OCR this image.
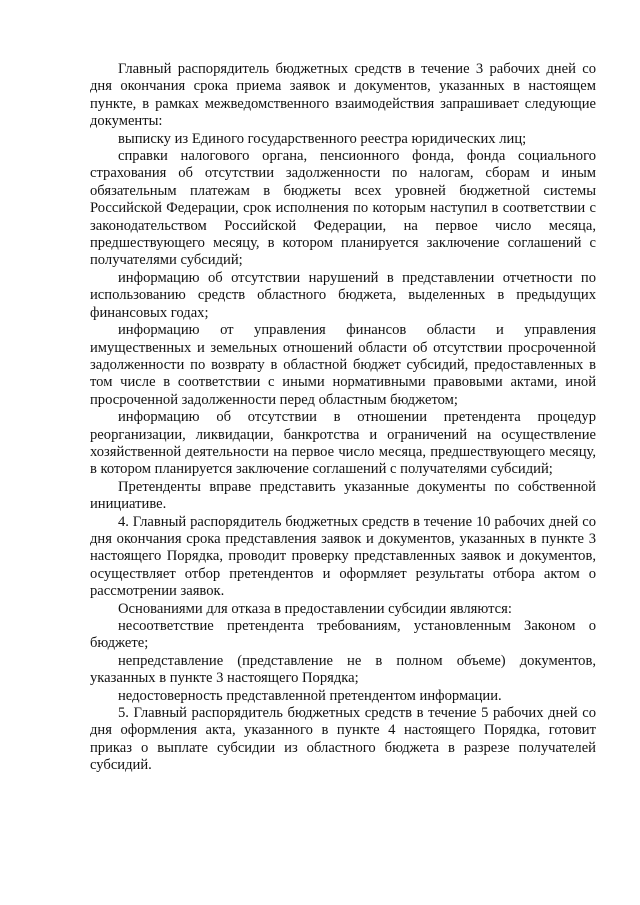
Главный распорядитель бюджетных средств в течение 3 рабочих дней со дня окончания срока приема заявок и документов, указанных в настоящем пункте, в рамках межведомственного взаимодействия запрашивает следующие документы:

выписку из Единого государственного реестра юридических лиц;

справки налогового органа, пенсионного фонда, фонда социального страхования об отсутствии задолженности по налогам, сборам и иным обязательным платежам в бюджеты всех уровней бюджетной системы Российской Федерации, срок исполнения по которым наступил в соответствии с законодательством Российской Федерации, на первое число месяца, предшествующего месяцу, в котором планируется заключение соглашений с получателями субсидий;

информацию об отсутствии нарушений в представлении отчетности по использованию средств областного бюджета, выделенных в предыдущих финансовых годах;

информацию от управления финансов области и управления имущественных и земельных отношений области об отсутствии просроченной задолженности по возврату в областной бюджет субсидий, предоставленных в том числе в соответствии с иными нормативными правовыми актами, иной просроченной задолженности перед областным бюджетом;

информацию об отсутствии в отношении претендента процедур реорганизации, ликвидации, банкротства и ограничений на осуществление хозяйственной деятельности на первое число месяца, предшествующего месяцу, в котором планируется заключение соглашений с получателями субсидий;

Претенденты вправе представить указанные документы по собственной инициативе.

4. Главный распорядитель бюджетных средств в течение 10 рабочих дней со дня окончания срока представления заявок и документов, указанных в пункте 3 настоящего Порядка, проводит проверку представленных заявок и документов, осуществляет отбор претендентов и оформляет результаты отбора актом о рассмотрении заявок.

Основаниями для отказа в предоставлении субсидии являются:

несоответствие претендента требованиям, установленным Законом о бюджете;

непредставление (представление не в полном объеме) документов, указанных в пункте 3 настоящего Порядка;

недостоверность представленной претендентом информации.

5. Главный распорядитель бюджетных средств в течение 5 рабочих дней со дня оформления акта, указанного в пункте 4 настоящего Порядка, готовит приказ о выплате субсидии из областного бюджета в разрезе получателей субсидий.
